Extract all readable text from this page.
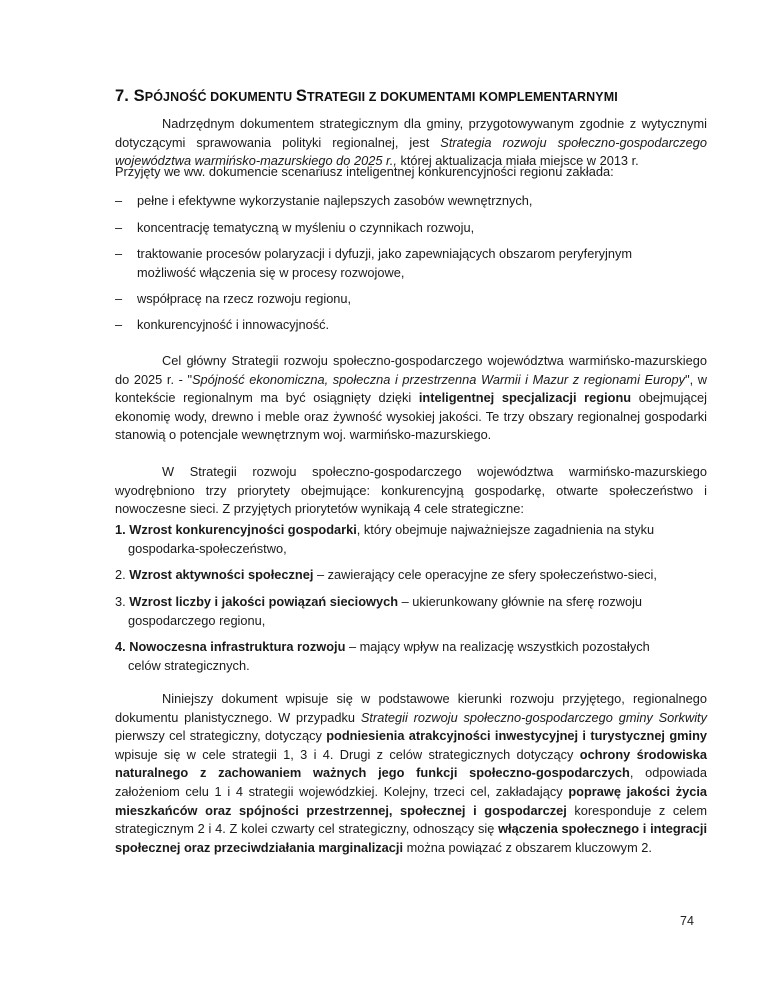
7. SPÓJNOŚĆ DOKUMENTU STRATEGII Z DOKUMENTAMI KOMPLEMENTARNYMI

Nadrzędnym dokumentem strategicznym dla gminy, przygotowywanym zgodnie z wytycznymi dotyczącymi sprawowania polityki regionalnej, jest Strategia rozwoju społeczno-gospodarczego województwa warmińsko-mazurskiego do 2025 r., której aktualizacja miała miejsce w 2013 r.

Przyjęty we ww. dokumencie scenariusz inteligentnej konkurencyjności regionu zakłada:

– pełne i efektywne wykorzystanie najlepszych zasobów wewnętrznych,
– koncentrację tematyczną w myśleniu o czynnikach rozwoju,
– traktowanie procesów polaryzacji i dyfuzji, jako zapewniających obszarom peryferyjnym możliwość włączenia się w procesy rozwojowe,
– współpracę na rzecz rozwoju regionu,
– konkurencyjność i innowacyjność.

Cel główny Strategii rozwoju społeczno-gospodarczego województwa warmińsko-mazurskiego do 2025 r. - "Spójność ekonomiczna, społeczna i przestrzenna Warmii i Mazur z regionami Europy", w kontekście regionalnym ma być osiągnięty dzięki inteligentnej specjalizacji regionu obejmującej ekonomię wody, drewno i meble oraz żywność wysokiej jakości. Te trzy obszary regionalnej gospodarki stanowią o potencjale wewnętrznym woj. warmińsko-mazurskiego.

W Strategii rozwoju społeczno-gospodarczego województwa warmińsko-mazurskiego wyodrębniono trzy priorytety obejmujące: konkurencyjną gospodarkę, otwarte społeczeństwo i nowoczesne sieci. Z przyjętych priorytetów wynikają 4 cele strategiczne:

1. Wzrost konkurencyjności gospodarki, który obejmuje najważniejsze zagadnienia na styku
gospodarka-społeczeństwo,
2. Wzrost aktywności społecznej – zawierający cele operacyjne ze sfery społeczeństwo-sieci,
3. Wzrost liczby i jakości powiązań sieciowych – ukierunkowany głównie na sferę rozwoju
gospodarczego regionu,
4. Nowoczesna infrastruktura rozwoju – mający wpływ na realizację wszystkich pozostałych
celów strategicznych.

Niniejszy dokument wpisuje się w podstawowe kierunki rozwoju przyjętego, regionalnego dokumentu planistycznego. W przypadku Strategii rozwoju społeczno-gospodarczego gminy Sorkwity pierwszy cel strategiczny, dotyczący podniesienia atrakcyjności inwestycyjnej i turystycznej gminy wpisuje się w cele strategii 1, 3 i 4. Drugi z celów strategicznych dotyczący ochrony środowiska naturalnego z zachowaniem ważnych jego funkcji społeczno-gospodarczych, odpowiada założeniom celu 1 i 4 strategii wojewódzkiej. Kolejny, trzeci cel, zakładający poprawę jakości życia mieszkańców oraz spójności przestrzennej, społecznej i gospodarczej koresponduje z celem strategicznym 2 i 4. Z kolei czwarty cel strategiczny, odnoszący się włączenia społecznego i integracji społecznej oraz przeciwdziałania marginalizacji można powiązać z obszarem kluczowym 2.

74
